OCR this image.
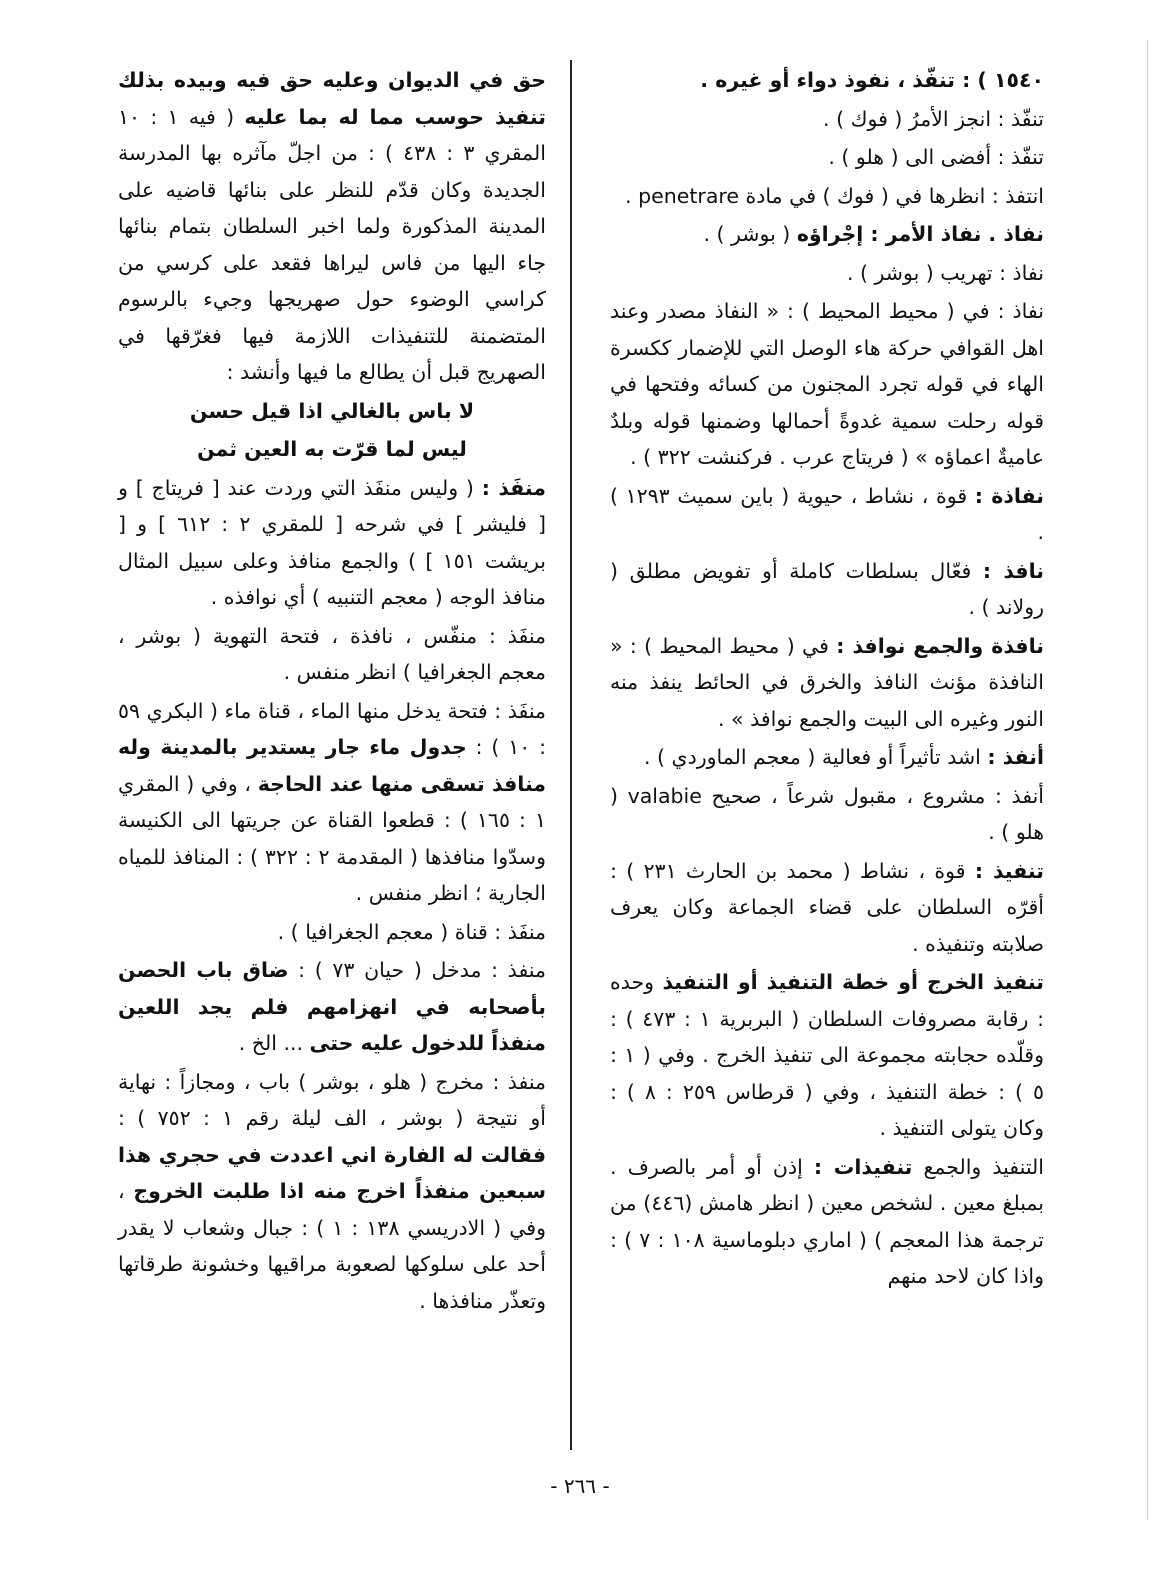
١٥٤٠ ) : تنفّذ ، نفوذ دواء أو غيره .

تنفّذ : انجز الأمرُ ( فوك ) .

تنفّذ : أفضى الى ( هلو ) .

انتفذ : انظرها في ( فوك ) في مادة penetrare .

نفاذ . نفاذ الأمر : إجْراؤه ( بوشر ) .

نفاذ : تهريب ( بوشر ) .

نفاذ : في ( محيط المحيط ) : « النفاذ مصدر وعند اهل القوافي حركة هاء الوصل التي للإضمار ككسرة الهاء في قوله تجرد المجنون من كسائه وفتحها في قوله رحلت سمية غدوةً أحمالها وضمنها قوله وبلدٌ عاميةٌ اعماؤه » ( فريتاج عرب . فركنشت ٣٢٢ ) .

نفاذة : قوة ، نشاط ، حيوية ( باين سميث ١٢٩٣ ) .

نافذ : فعّال بسلطات كاملة أو تفويض مطلق ( رولاند ) .

نافذة والجمع نوافذ : في ( محيط المحيط ) : « النافذة مؤنث النافذ والخرق في الحائط ينفذ منه النور وغيره الى البيت والجمع نوافذ » .

أنفذ : اشد تأثيراً أو فعالية ( معجم الماوردي ) .

أنفذ : مشروع ، مقبول شرعاً ، صحيح valabie ( هلو ) .

تنفيذ : قوة ، نشاط ( محمد بن الحارث ٢٣١ ) : أقرّه السلطان على قضاء الجماعة وكان يعرف صلابته وتنفيذه .

تنفيذ الخرج أو خطة التنفيذ أو التنفيذ وحده : رقابة مصروفات السلطان ( البربرية ١ : ٤٧٣ ) : وقلّده حجابته مجموعة الى تنفيذ الخرج . وفي ( ١ : ٥ ) : خطة التنفيذ ، وفي ( قرطاس ٢٥٩ : ٨ ) : وكان يتولى التنفيذ .

التنفيذ والجمع تنفيذات : إذن أو أمر بالصرف . بمبلغ معين . لشخص معين ( انظر هامش (٤٤٦) من ترجمة هذا المعجم ) ( اماري دبلوماسية ١٠٨ : ٧ ) : واذا كان لاحد منهم

حق في الديوان وعليه حق فيه وبيده بذلك تنفيذ حوسب مما له بما عليه ( فيه ١ : ١٠ المقري ٣ : ٤٣٨ ) : من اجلّ مآثره بها المدرسة الجديدة وكان قدّم للنظر على بنائها قاضيه على المدينة المذكورة ولما اخبر السلطان بتمام بنائها جاء اليها من فاس ليراها فقعد على كرسي من كراسي الوضوء حول صهريجها وجيء بالرسوم المتضمنة للتنفيذات اللازمة فيها فغرّقها في الصهريج قبل أن يطالع ما فيها وأنشد :

لا باس بالغالي اذا قيل حسن

ليس لما قرّت به العين ثمن

منفَذ : ( وليس منفَذ التي وردت عند [ فريتاج ] و [ فليشر ] في شرحه [ للمقري ٢ : ٦١٢ ] و [ بريشت ١٥١ ] ) والجمع منافذ وعلى سبيل المثال منافذ الوجه ( معجم التنبيه ) أي نوافذه .

منفَذ : منفّس ، نافذة ، فتحة التهوية ( بوشر ، معجم الجغرافيا ) انظر منفس .

منفَذ : فتحة يدخل منها الماء ، قناة ماء ( البكري ٥٩ : ١٠ ) : جدول ماء جار يستدير بالمدينة وله منافذ تسقى منها عند الحاجة ، وفي ( المقري ١ : ١٦٥ ) : قطعوا القناة عن جريتها الى الكنيسة وسدّوا منافذها ( المقدمة ٢ : ٣٢٢ ) : المنافذ للمياه الجارية ؛ انظر منفس .

منفَذ : قناة ( معجم الجغرافيا ) .

منفذ : مدخل ( حيان ٧٣ ) : ضاق باب الحصن بأصحابه في انهزامهم فلم يجد اللعين منفذاً للدخول عليه حتى ... الخ .

منفذ : مخرج ( هلو ، بوشر ) باب ، ومجازاً : نهاية أو نتيجة ( بوشر ، الف ليلة رقم ١ : ٧٥٢ ) : فقالت له الفارة اني اعددت في حجري هذا سبعين منفذاً اخرج منه اذا طلبت الخروج ، وفي ( الادريسي ١٣٨ : ١ ) : جبال وشعاب لا يقدر أحد على سلوكها لصعوبة مراقيها وخشونة طرقاتها وتعذّر منافذها .

- ٢٦٦ -
